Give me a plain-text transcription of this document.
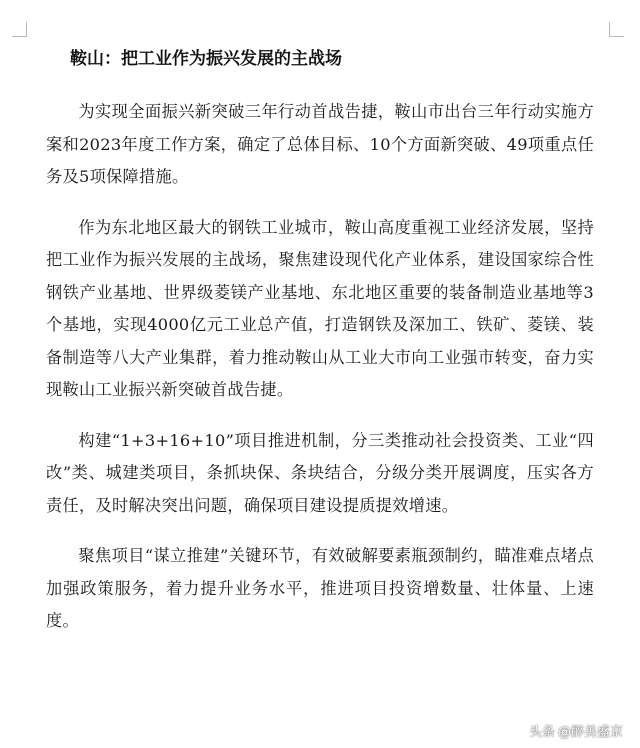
鞍山：把工业作为振兴发展的主战场

为实现全面振兴新突破三年行动首战告捷，鞍山市出台三年行动实施方案和2023年度工作方案，确定了总体目标、10个方面新突破、49项重点任务及5项保障措施。

作为东北地区最大的钢铁工业城市，鞍山高度重视工业经济发展，坚持把工业作为振兴发展的主战场，聚焦建设现代化产业体系，建设国家综合性钢铁产业基地、世界级菱镁产业基地、东北地区重要的装备制造业基地等3个基地，实现4000亿元工业总产值，打造钢铁及深加工、铁矿、菱镁、装备制造等八大产业集群，着力推动鞍山从工业大市向工业强市转变，奋力实现鞍山工业振兴新突破首战告捷。

构建“1+3+16+10”项目推进机制，分三类推动社会投资类、工业“四改”类、城建类项目，条抓块保、条块结合，分级分类开展调度，压实各方责任，及时解决突出问题，确保项目建设提质提效增速。

聚焦项目“谋立推建”关键环节，有效破解要素瓶颈制约，瞄准难点堵点加强政策服务，着力提升业务水平，推进项目投资增数量、壮体量、上速度。

头条 @醉美盛京
